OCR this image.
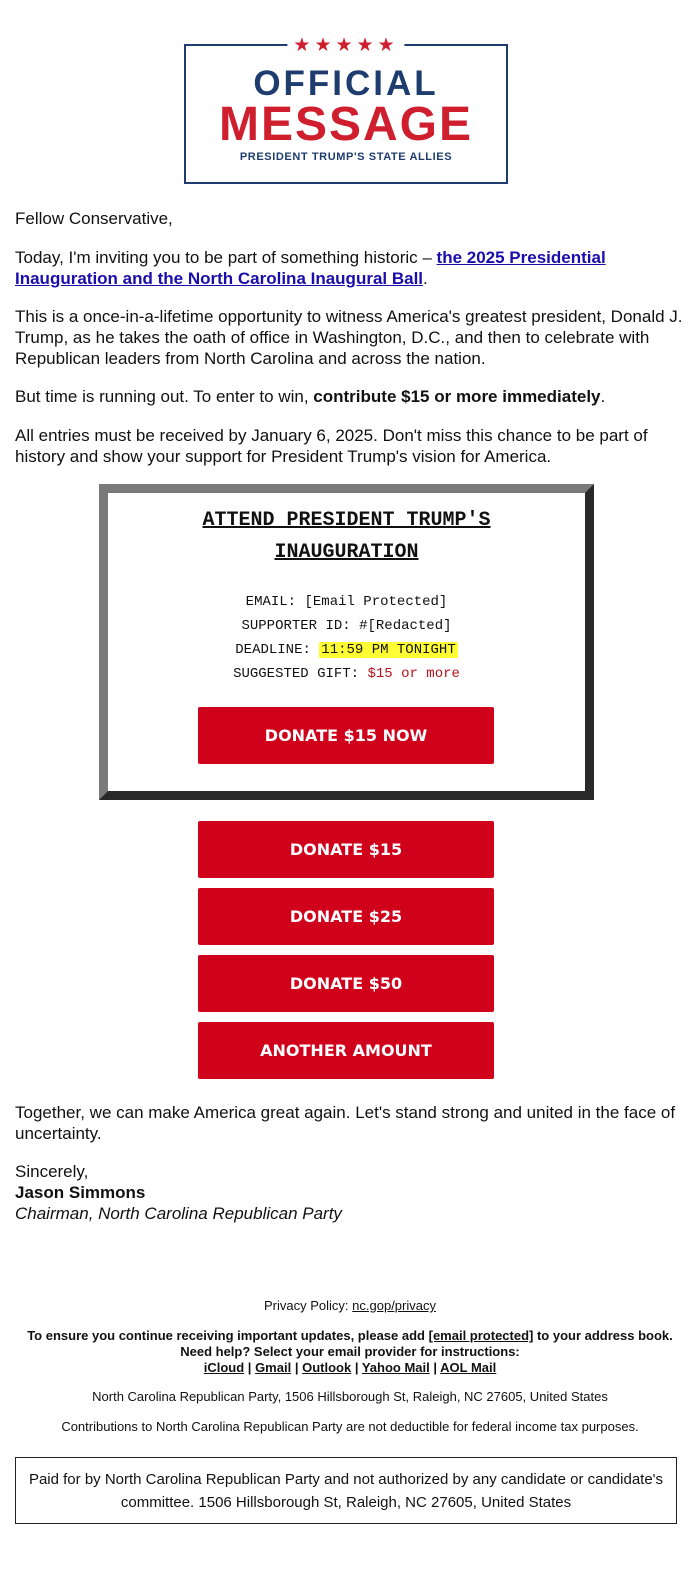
★★★★★
OFFICIAL
MESSAGE
PRESIDENT TRUMP'S STATE ALLIES
Fellow Conservative,
Today, I'm inviting you to be part of something historic – the 2025 Presidential Inauguration and the North Carolina Inaugural Ball.
This is a once-in-a-lifetime opportunity to witness America's greatest president, Donald J. Trump, as he takes the oath of office in Washington, D.C., and then to celebrate with Republican leaders from North Carolina and across the nation.
But time is running out. To enter to win, contribute $15 or more immediately.
All entries must be received by January 6, 2025. Don't miss this chance to be part of history and show your support for President Trump's vision for America.
ATTEND PRESIDENT TRUMP'S
INAUGURATION
EMAIL: [Email Protected]
SUPPORTER ID: #[Redacted]
DEADLINE: 11:59 PM TONIGHT
SUGGESTED GIFT: $15 or more
DONATE $15 NOW
DONATE $15
DONATE $25
DONATE $50
ANOTHER AMOUNT
Together, we can make America great again. Let's stand strong and united in the face of uncertainty.
Sincerely,
Jason Simmons
Chairman, North Carolina Republican Party
Privacy Policy: nc.gop/privacy
To ensure you continue receiving important updates, please add [email protected] to your address book. Need help? Select your email provider for instructions:
iCloud | Gmail | Outlook | Yahoo Mail | AOL Mail
North Carolina Republican Party, 1506 Hillsborough St, Raleigh, NC 27605, United States
Contributions to North Carolina Republican Party are not deductible for federal income tax purposes.
Paid for by North Carolina Republican Party and not authorized by any candidate or candidate's committee. 1506 Hillsborough St, Raleigh, NC 27605, United States
